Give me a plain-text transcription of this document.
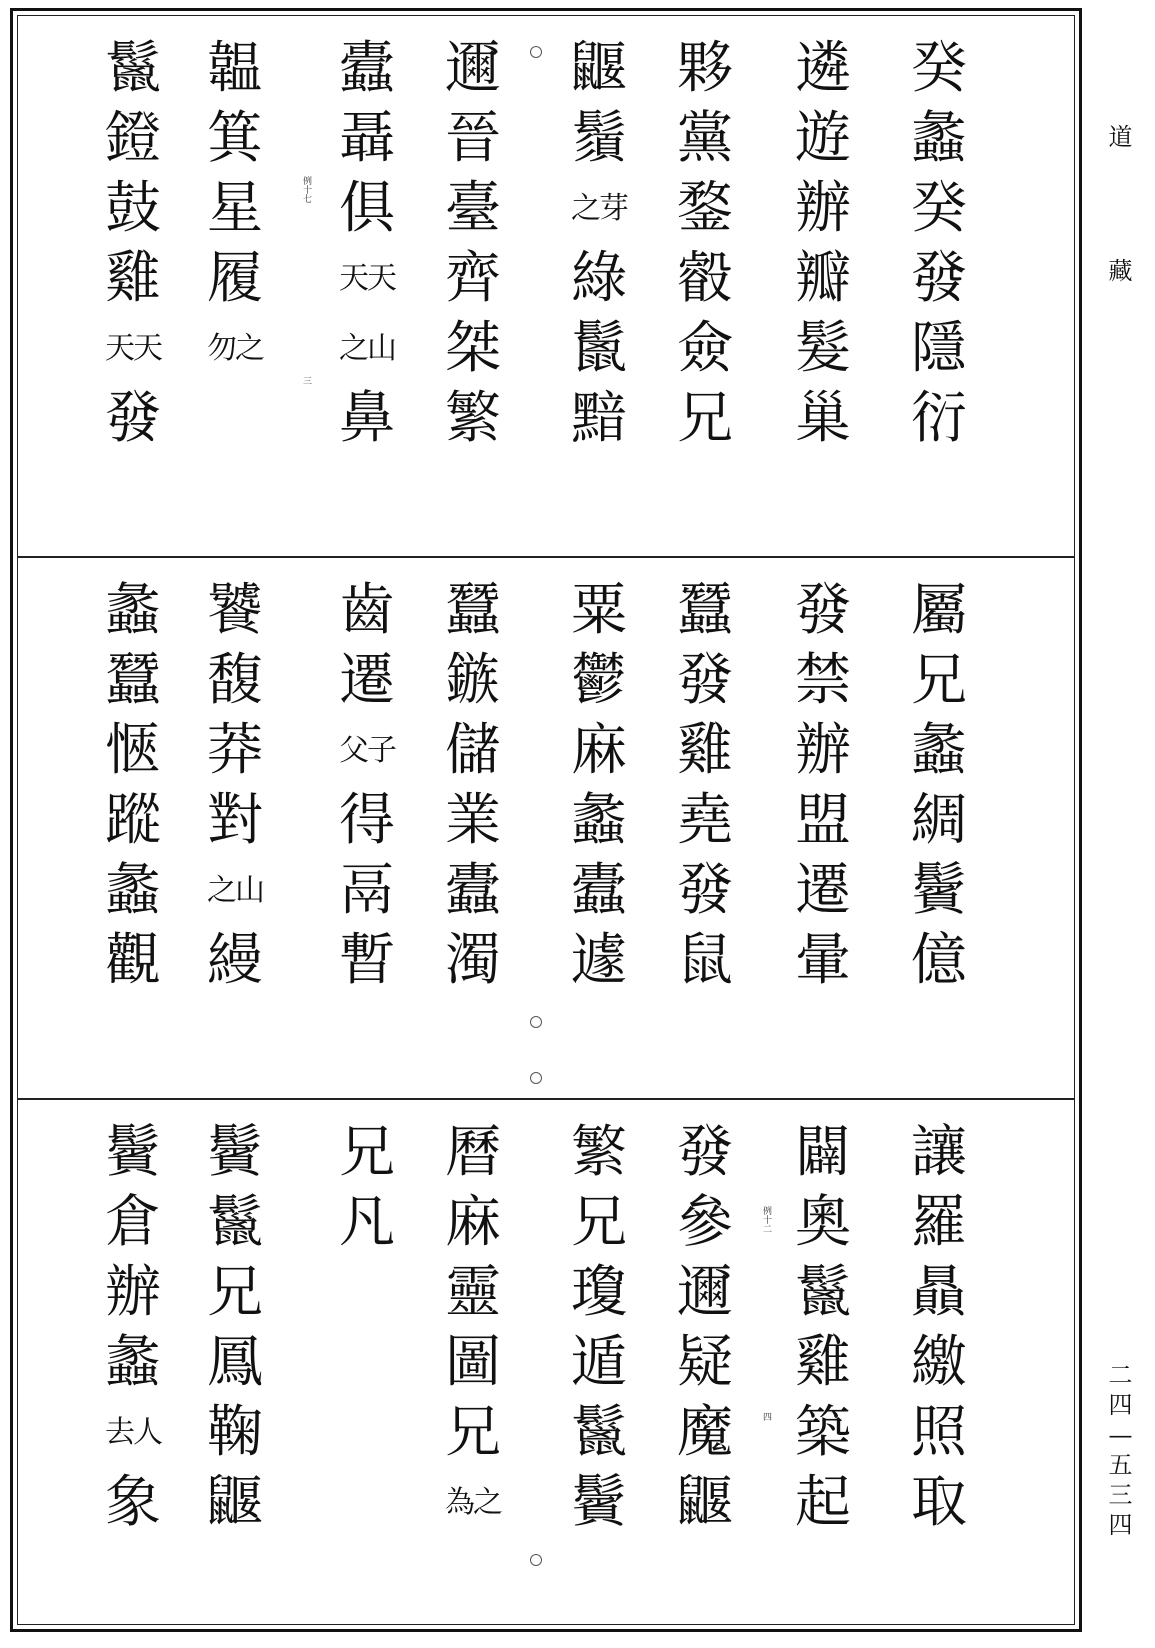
癸
蠡
癸
發
隱
衍
遴
遊
辦
瓣
髮
巢
夥
黨
鍪
㲊
僉
兄
鼴
鬚
之芽
綠
鬛
黯
邇
晉
臺
齊
桀
繁
蠹
聶
俱
天天
之山
鼻
韞
箕
星
履
勿之
鬣
鐙
鼓
雞
天天
發
屬
兄
蠡
綢
鬢
億
發
禁
辦
盟
遷
暈
蠶
發
雞
堯
發
鼠
粟
鬱
麻
蠡
蠹
遽
蠶
鏃
儲
業
蠹
濁
齒
遷
父子
得
鬲
暫
饕
馥
莽
對
之山
縵
蠡
蠶
愜
蹤
蠡
觀
讓
羅
贔
繳
照
取
闢
奧
鬣
雞
築
起
發
參
邇
疑
魔
鼴
繁
兄
瓊
遁
鬣
鬢
曆
麻
靈
圖
兄
為之
兄
凡
鬢
鬣
兄
鳳
鞠
鼴
鬢
倉
辦
蠡
去人
象
例十七
三
例十二
四
道
藏
二
四
—
五
三
四
